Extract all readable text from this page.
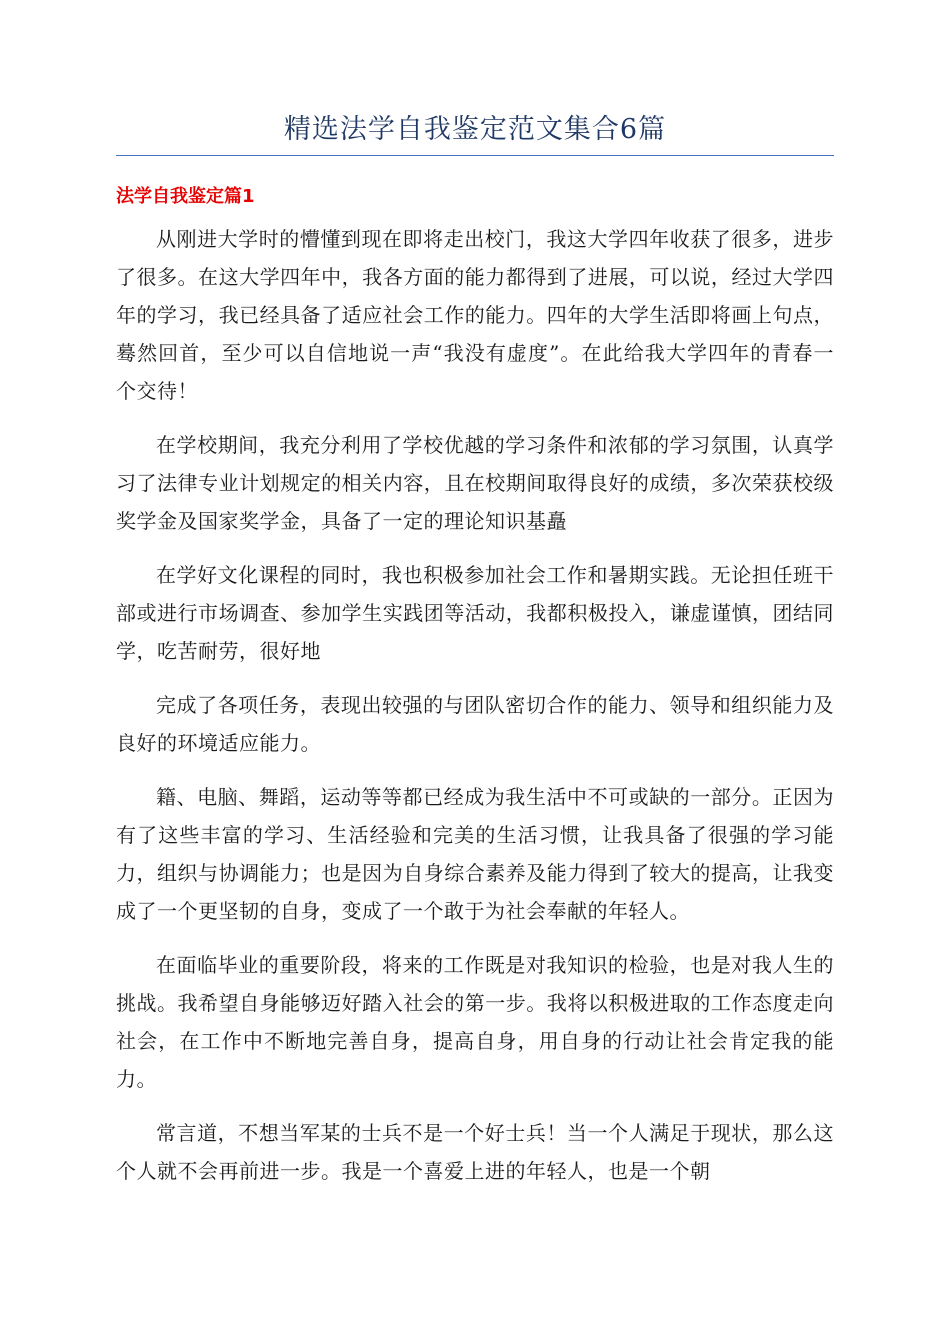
精选法学自我鉴定范文集合6篇
法学自我鉴定篇1

从刚进大学时的懵懂到现在即将走出校门，我这大学四年收获了很多，进步了很多。在这大学四年中，我各方面的能力都得到了进展，可以说，经过大学四年的学习，我已经具备了适应社会工作的能力。四年的大学生活即将画上句点，蓦然回首，至少可以自信地说一声“我没有虚度”。在此给我大学四年的青春一个交待！

在学校期间，我充分利用了学校优越的学习条件和浓郁的学习氛围，认真学习了法律专业计划规定的相关内容，且在校期间取得良好的成绩，多次荣获校级奖学金及国家奖学金，具备了一定的理论知识基矗

在学好文化课程的同时，我也积极参加社会工作和暑期实践。无论担任班干部或进行市场调查、参加学生实践团等活动，我都积极投入，谦虚谨慎，团结同学，吃苦耐劳，很好地

完成了各项任务，表现出较强的与团队密切合作的能力、领导和组织能力及良好的环境适应能力。

籍、电脑、舞蹈，运动等等都已经成为我生活中不可或缺的一部分。正因为有了这些丰富的学习、生活经验和完美的生活习惯，让我具备了很强的学习能力，组织与协调能力；也是因为自身综合素养及能力得到了较大的提高，让我变成了一个更坚韧的自身，变成了一个敢于为社会奉献的年轻人。

在面临毕业的重要阶段，将来的工作既是对我知识的检验，也是对我人生的挑战。我希望自身能够迈好踏入社会的第一步。我将以积极进取的工作态度走向社会，在工作中不断地完善自身，提高自身，用自身的行动让社会肯定我的能力。

常言道，不想当军某的士兵不是一个好士兵！当一个人满足于现状，那么这个人就不会再前进一步。我是一个喜爱上进的年轻人，也是一个朝
